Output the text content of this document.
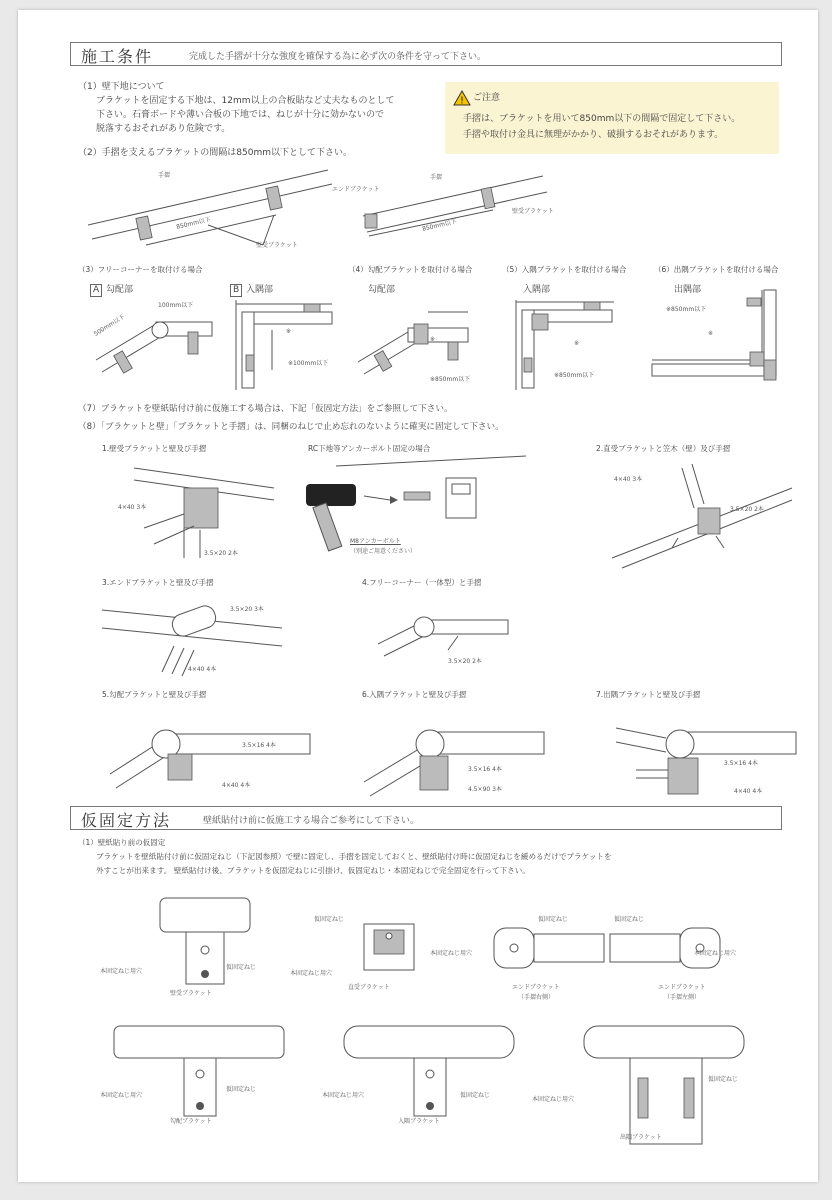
施工条件	完成した手摺が十分な強度を確保する為に必ず次の条件を守って下さい。
（1）壁下地について
ブラケットを固定する下地は、12mm以上の合板貼など丈夫なものとして
下さい。石膏ボードや薄い合板の下地では、ねじが十分に効かないので
脱落するおそれがあり危険です。
! ご注意
手摺は、ブラケットを用いて850mm以下の間隔で固定して下さい。
手摺や取付け金具に無理がかかり、破損するおそれがあります。
（2）手摺を支えるブラケットの間隔は850mm以下として下さい。
手摺
850mm以下
壁受ブラケット
エンドブラケット
手摺
壁受ブラケット
850mm以下
（3）フリーコーナーを取付ける場合	（4）勾配ブラケットを取付ける場合	（5）入隅ブラケットを取付ける場合	（6）出隅ブラケットを取付ける場合
A 勾配部	B 入隅部	勾配部	入隅部	出隅部
100mm以下
500mm以下
※100mm以下
※
※850mm以下
※
※850mm以下
※
※850mm以下
※
（7）ブラケットを壁紙貼付け前に仮施工する場合は、下記「仮固定方法」をご参照して下さい。
（8）「ブラケットと壁」「ブラケットと手摺」は、同梱のねじで止め忘れのないように確実に固定して下さい。
1.壁受ブラケットと壁及び手摺	RC下地等アンカーボルト固定の場合	2.直受ブラケットと笠木（壁）及び手摺
4×40 3本
3.5×20 2本
M8アンカーボルト
（別途ご用意ください）
4×40 3本
3.5×20 2本
3.エンドブラケットと壁及び手摺	4.フリーコーナー（一体型）と手摺
3.5×20 3本
4×40 4本
3.5×20 2本
5.勾配ブラケットと壁及び手摺	6.入隅ブラケットと壁及び手摺	7.出隅ブラケットと壁及び手摺
3.5×16 4本
4×40 4本
3.5×16 4本
4.5×90 3本
3.5×16 4本
4×40 4本
仮固定方法	壁紙貼付け前に仮施工する場合ご参考にして下さい。
（1）壁紙貼り前の仮固定
ブラケットを壁紙貼付け前に仮固定ねじ（下記図参照）で壁に固定し、手摺を固定しておくと、壁紙貼付け時に仮固定ねじを緩めるだけでブラケットを
外すことが出来ます。 壁紙貼付け後、ブラケットを仮固定ねじに引掛け、仮固定ねじ・本固定ねじで完全固定を行って下さい。
本固定ねじ用穴
仮固定ねじ
壁受ブラケット
仮固定ねじ
本固定ねじ用穴
直受ブラケット
仮固定ねじ
本固定ねじ用穴
エンドブラケット
（手摺右側）
仮固定ねじ
本固定ねじ用穴
エンドブラケット
（手摺左側）
本固定ねじ用穴
仮固定ねじ
勾配ブラケット
本固定ねじ用穴	仮固定ねじ
入隅ブラケット
仮固定ねじ
本固定ねじ用穴
出隅ブラケット
